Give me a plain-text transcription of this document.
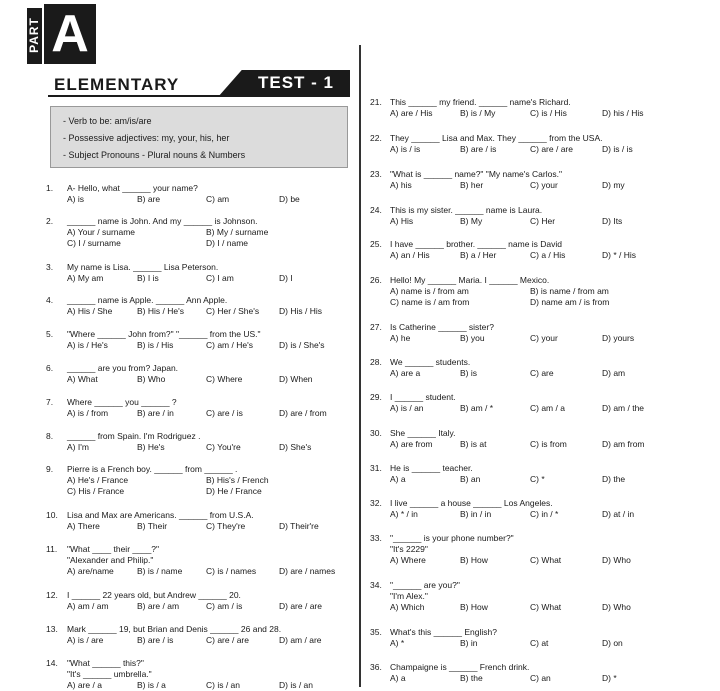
PART A
ELEMENTARY	TEST - 1
- Verb to be: am/is/are
- Possessive adjectives: my, your, his, her
- Subject Pronouns - Plural nouns & Numbers
1. A- Hello, what ______ your name?
A) is	B) are	C) am	D) be
2. ______ name is John. And my ______ is Johnson.
A) Your / surname	B) My / surname
C) I / surname	D) I / name
3. My name is Lisa. ______ Lisa Peterson.
A) My am	B) I is	C) I am	D) I
4. ______ name is Apple. ______ Ann Apple.
A) His / She	B) His / He's	C) Her / She's D) His / His
5. "Where ______ John from?" "______ from the US."
A) is / He's	B) is / His	C) am / He's	D) is / She's
6. ______ are you from? Japan.
A) What	B) Who	C) Where	D) When
7. Where ______ you ______ ?
A) is / from	B) are / in	C) are / is	D) are / from
8. ______ from Spain. I'm Rodriguez .
A) I'm	B) He's	C) You're	D) She's
9. Pierre is a French boy. ______ from ______ .
A) He's / France	B) His's / French
C) His / France	D) He / France
10. Lisa and Max are Americans. ______ from U.S.A.
A) There	B) Their	C) They're	D) Their're
11. "What ____ their ____?"
"Alexander and Philip."
A) are/name	B) is / name	C) is / names	D) are / names
12. I ______ 22 years old, but Andrew ______ 20.
A) am / am	B) are / am	C) am / is	D) are / are
13. Mark ______ 19, but Brian and Denis ______ 26 and 28.
A) is / are	B) are / is	C) are / are	D) am / are
14. "What ______ this?"
"It's ______ umbrella."
A) are / a	B) is / a	C) is / an	D) is / an
21. This ______ my friend. ______ name's Richard.
A) are / His	B) is / My	C) is / His	D) his / His
22. They ______ Lisa and Max. They ______ from the USA.
A) is / is	B) are / is	C) are / are	D) is / is
23. "What is ______ name?" "My name's Carlos."
A) his	B) her	C) your	D) my
24. This is my sister. ______ name is Laura.
A) His	B) My	C) Her	D) Its
25. I have ______ brother. ______ name is David
A) an / His	B) a / Her	C) a / His	D) * / His
26. Hello! My ______ Maria. I ______ Mexico.
A) name is / from am	B) is name / from am
C) name is / am from	D) name am / is from
27. Is Catherine ______ sister?
A) he	B) you	C) your	D) yours
28. We ______ students.
A) are a	B) is	C) are	D) am
29. I ______ student.
A) is / an	B) am / *	C) am / a	D) am / the
30. She ______ Italy.
A) are from	B) is at	C) is from	D) am from
31. He is ______ teacher.
A) a	B) an	C) *	D) the
32. I live ______ a house ______ Los Angeles.
A) * / in	B) in / in	C) in / *	D) at / in
33. "______ is your phone number?"
"It's 2229"
A) Where	B) How	C) What	D) Who
34. "______ are you?"
"I'm Alex."
A) Which	B) How	C) What	D) Who
35. What's this ______ English?
A) *	B) in	C) at	D) on
36. Champaigne is ______ French drink.
A) a	B) the	C) an	D) *
